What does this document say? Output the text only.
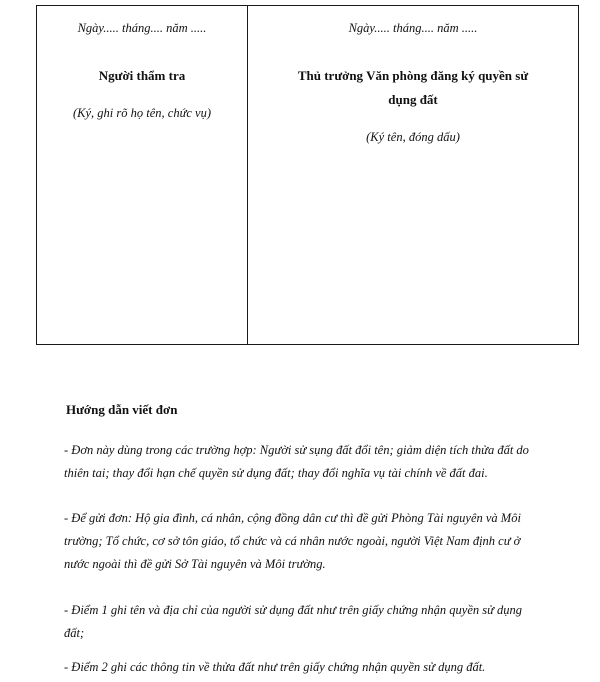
Ngày..... tháng.... năm .....
Người thẩm tra
(Ký, ghi rõ họ tên, chức vụ)
Ngày..... tháng.... năm .....
Thủ trưởng Văn phòng đăng ký quyền sử dụng đất
(Ký tên, đóng dấu)
Hướng dẫn viết đơn
- Đơn này dùng trong các trường hợp: Người sử sụng đất đổi tên; giảm diện tích thửa đất do thiên tai; thay đổi hạn chế quyền sử dụng đất; thay đổi nghĩa vụ tài chính về đất đai.
- Để gửi đơn: Hộ gia đình, cá nhân, cộng đồng dân cư thì đề gửi Phòng Tài nguyên và Môi trường; Tổ chức, cơ sở tôn giáo, tổ chức và cá nhân nước ngoài, người Việt Nam định cư ở nước ngoài thì đề gửi Sở Tài nguyên và Môi trường.
- Điểm 1 ghi tên và địa chỉ của người sử dụng đất như trên giấy chứng nhận quyền sử dụng đất;
- Điểm 2 ghi các thông tin về thửa đất như trên giấy chứng nhận quyền sử dụng đất.
